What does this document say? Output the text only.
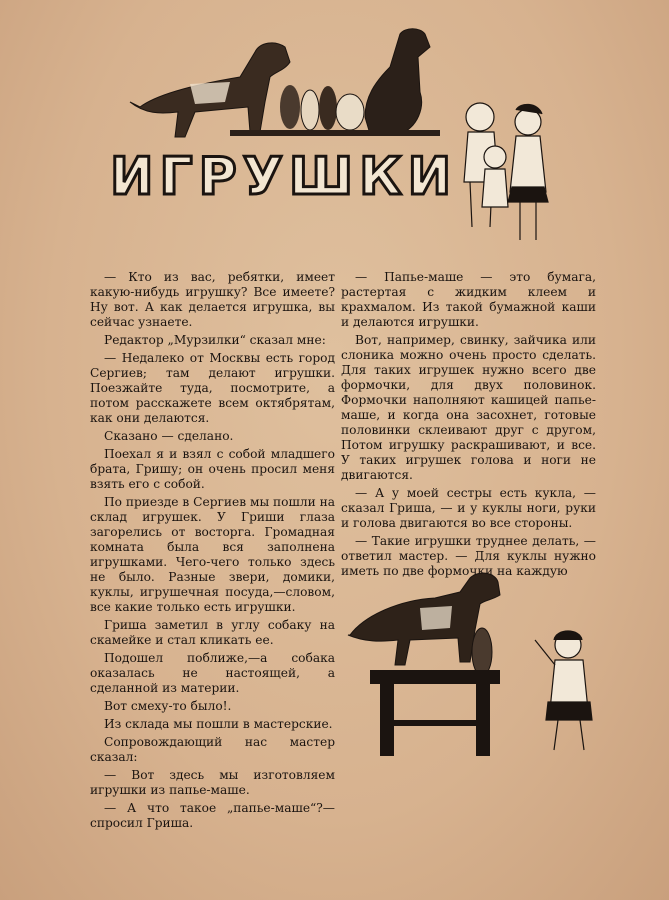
ИГРУШКИ

— Кто из вас, ребятки, имеет какую-нибудь игрушку? Все имеете? Ну вот. А как делается игрушка, вы сейчас узнаете.

Редактор „Мурзилки“ сказал мне:

— Недалеко от Москвы есть город Сергиев; там делают игрушки. Поезжайте туда, посмотрите, а потом расскажете всем октябрятам, как они делаются.

Сказано — сделано.

Поехал я и взял с собой младшего брата, Гришу; он очень просил меня взять его с собой.

По приезде в Сергиев мы пошли на склад игрушек. У Гриши глаза загорелись от восторга. Громадная комната была вся заполнена игрушками. Чего-чего только здесь не было. Разные звери, домики, куклы, игрушечная посуда,—словом, все какие только есть игрушки.

Гриша заметил в углу собаку на скамейке и стал кликать ее.

Подошел поближе,—а собака оказалась не настоящей, а сделанной из материи.

Вот смеху-то было!.

Из склада мы пошли в мастерские.

Сопровождающий нас мастер сказал:

— Вот здесь мы изготовляем игрушки из папье-маше.

— А что такое „папье-маше“?— спросил Гриша.

— Папье-маше — это бумага, растертая с жидким клеем и крахмалом. Из такой бумажной каши и делаются игрушки.

Вот, например, свинку, зайчика или слоника можно очень просто сделать. Для таких игрушек нужно всего две формочки, для двух половинок. Формочки наполняют кашицей папье-маше, и когда она засохнет, готовые половинки склеивают друг с другом, Потом игрушку раскрашивают, и все. У таких игрушек голова и ноги не двигаются.

— А у моей сестры есть кукла, — сказал Гриша, — и у куклы ноги, руки и голова двигаются во все стороны.

— Такие игрушки труднее делать, — ответил мастер. — Для куклы нужно иметь по две формочки на каждую
